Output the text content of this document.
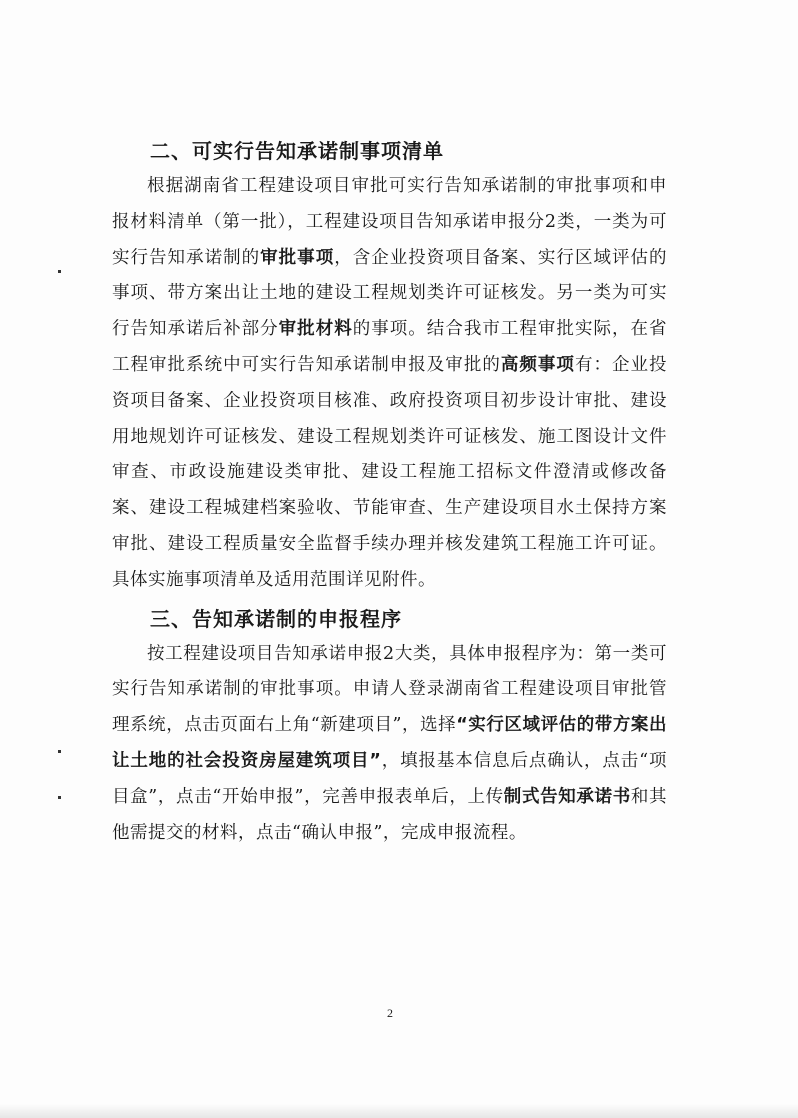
二、可实行告知承诺制事项清单

根据湖南省工程建设项目审批可实行告知承诺制的审批事项和申报材料清单（第一批），工程建设项目告知承诺申报分2类，一类为可实行告知承诺制的审批事项，含企业投资项目备案、实行区域评估的事项、带方案出让土地的建设工程规划类许可证核发。另一类为可实行告知承诺后补部分审批材料的事项。结合我市工程审批实际，在省工程审批系统中可实行告知承诺制申报及审批的高频事项有：企业投资项目备案、企业投资项目核准、政府投资项目初步设计审批、建设用地规划许可证核发、建设工程规划类许可证核发、施工图设计文件审查、市政设施建设类审批、建设工程施工招标文件澄清或修改备案、建设工程城建档案验收、节能审查、生产建设项目水土保持方案审批、建设工程质量安全监督手续办理并核发建筑工程施工许可证。具体实施事项清单及适用范围详见附件。

三、告知承诺制的申报程序

按工程建设项目告知承诺申报2大类，具体申报程序为：第一类可实行告知承诺制的审批事项。申请人登录湖南省工程建设项目审批管理系统，点击页面右上角“新建项目”，选择“实行区域评估的带方案出让土地的社会投资房屋建筑项目”，填报基本信息后点确认，点击“项目盒”，点击“开始申报”，完善申报表单后，上传制式告知承诺书和其他需提交的材料，点击“确认申报”，完成申报流程。

2
